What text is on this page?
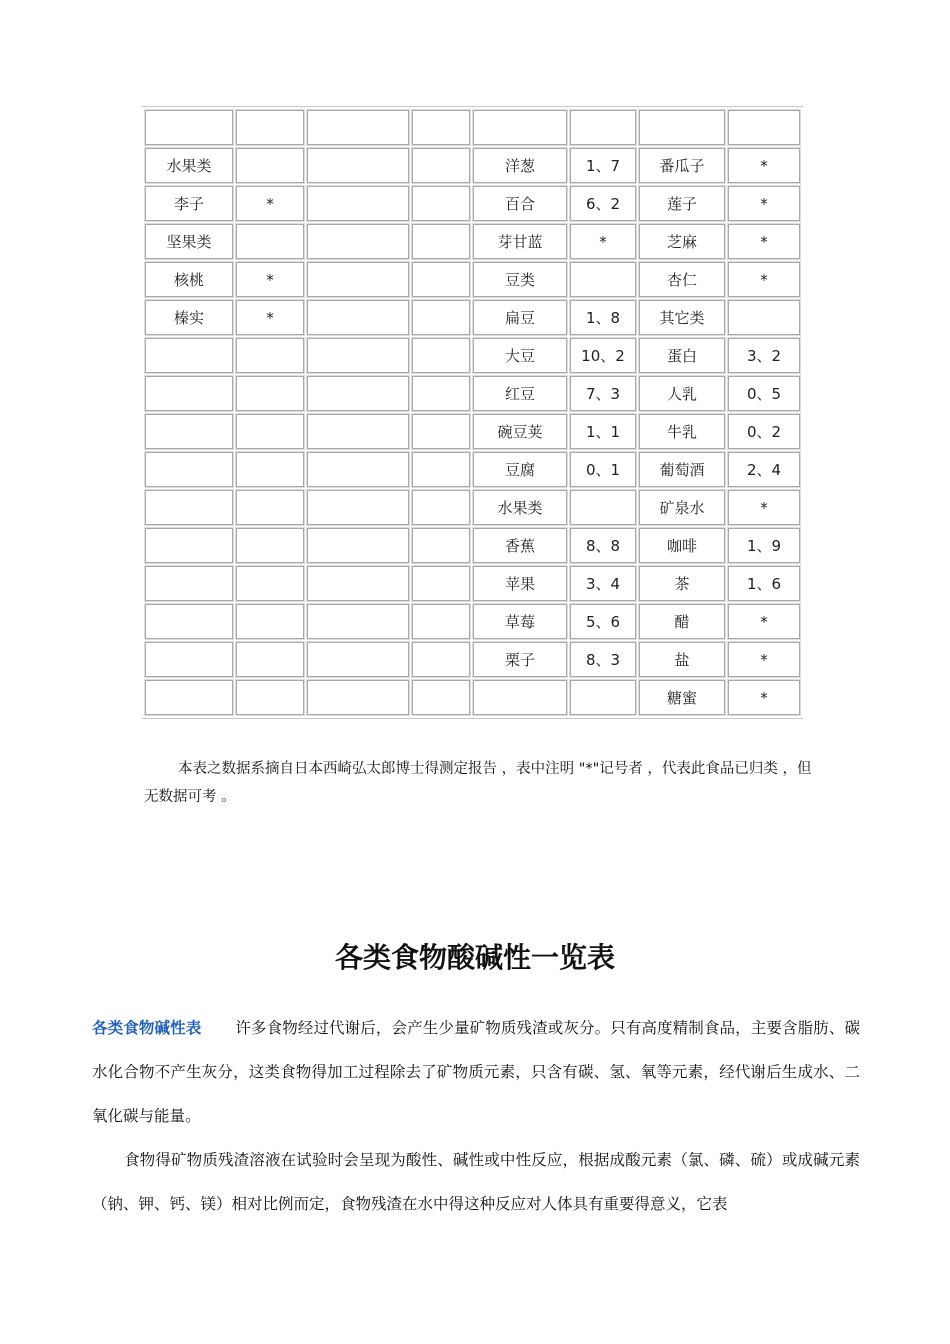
水果类				洋葱	1、7	番瓜子	*
李子	*			百合	6、2	莲子	*
坚果类				芽甘蓝	*	芝麻	*
核桃	*			豆类		杏仁	*
榛实	*			扁豆	1、8	其它类	
				大豆	10、2	蛋白	3、2
				红豆	7、3	人乳	0、5
				碗豆荚	1、1	牛乳	0、2
				豆腐	0、1	葡萄酒	2、4
				水果类		矿泉水	*
				香蕉	8、8	咖啡	1、9
				苹果	3、4	茶	1、6
				草莓	5、6	醋	*
				栗子	8、3	盐	*
						糖蜜	*
本表之数据系摘自日本西崎弘太郎博士得测定报告 ，表中注明 "*"记号者 ，代表此食品已归类 ，但无数据可考 。
各类食物酸碱性一览表

各类食物碱性表 许多食物经过代谢后，会产生少量矿物质残渣或灰分。只有高度精制食品，主要含脂肪、碳水化合物不产生灰分，这类食物得加工过程除去了矿物质元素，只含有碳、氢、氧等元素，经代谢后生成水、二氧化碳与能量。

食物得矿物质残渣溶液在试验时会呈现为酸性、碱性或中性反应，根据成酸元素（氯、磷、硫）或成碱元素（钠、钾、钙、镁）相对比例而定，食物残渣在水中得这种反应对人体具有重要得意义，它表
